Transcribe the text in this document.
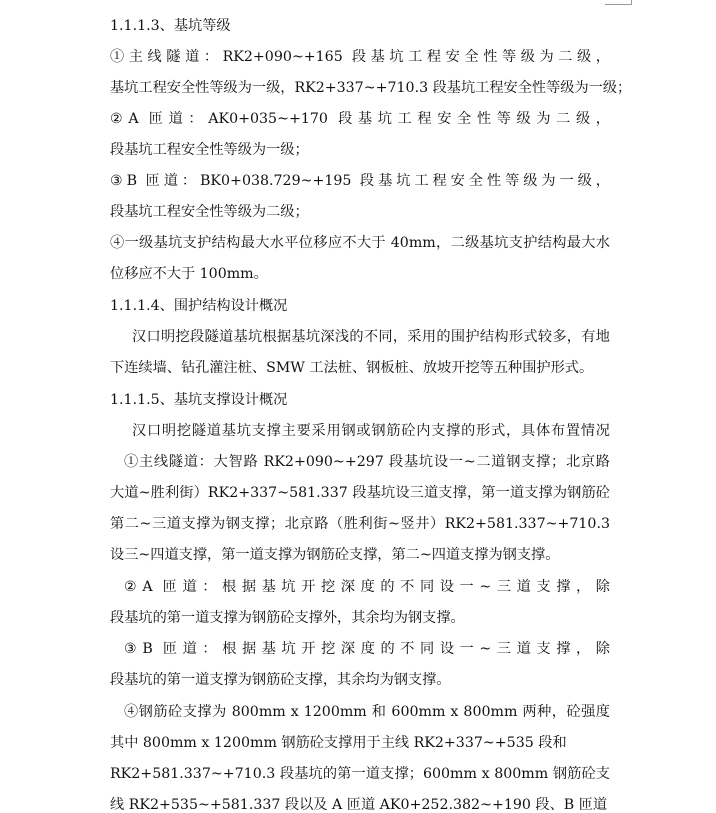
1.1.1.3、基坑等级
①主线隧道：RK2+090~+165 段基坑工程安全性等级为二级，
基坑工程安全性等级为一级，RK2+337~+710.3 段基坑工程安全性等级为一级；
②A 匝道：AK0+035~+170 段基坑工程安全性等级为二级，
段基坑工程安全性等级为一级；
③B 匝道：BK0+038.729~+195 段基坑工程安全性等级为一级，
段基坑工程安全性等级为二级；
④一级基坑支护结构最大水平位移应不大于 40mm，二级基坑支护结构最大水
位移应不大于 100mm。
1.1.1.4、围护结构设计概况
汉口明挖段隧道基坑根据基坑深浅的不同，采用的围护结构形式较多，有地
下连续墙、钻孔灌注桩、SMW 工法桩、钢板桩、放坡开挖等五种围护形式。
1.1.1.5、基坑支撑设计概况
汉口明挖隧道基坑支撑主要采用钢或钢筋砼内支撑的形式，具体布置情况
①主线隧道：大智路 RK2+090~+297 段基坑设一~二道钢支撑；北京路
大道~胜利街）RK2+337~581.337 段基坑设三道支撑，第一道支撑为钢筋砼
第二~三道支撑为钢支撑；北京路（胜利街~竖井）RK2+581.337~+710.3
设三~四道支撑，第一道支撑为钢筋砼支撑，第二~四道支撑为钢支撑。
②A 匝道：根据基坑开挖深度的不同设一~三道支撑，除
段基坑的第一道支撑为钢筋砼支撑外，其余均为钢支撑。
③B 匝道：根据基坑开挖深度的不同设一~三道支撑，除
段基坑的第一道支撑为钢筋砼支撑，其余均为钢支撑。
④钢筋砼支撑为 800mm x 1200mm 和 600mm x 800mm 两种，砼强度
其中 800mm x 1200mm 钢筋砼支撑用于主线 RK2+337~+535 段和
RK2+581.337~+710.3 段基坑的第一道支撑；600mm x 800mm 钢筋砼支
线 RK2+535~+581.337 段以及 A 匝道 AK0+252.382~+190 段、B 匝道
